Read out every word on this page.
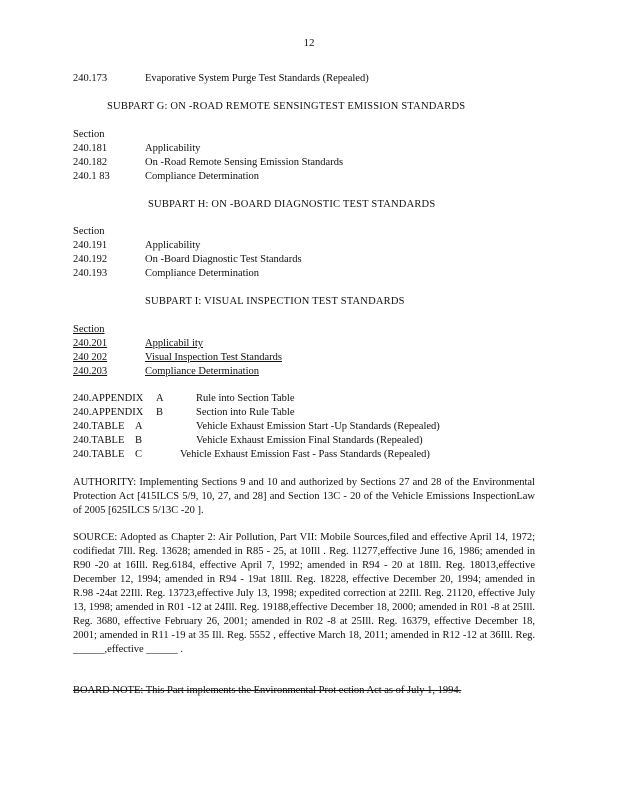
12
240.173	Evaporative System Purge Test Standards (Repealed)
SUBPART G: ON -ROAD REMOTE SENSINGTEST EMISSION STANDARDS
Section
240.181	Applicability
240.182	On -Road Remote Sensing Emission Standards
240.1 83	Compliance Determination
SUBPART H: ON -BOARD DIAGNOSTIC TEST STANDARDS
Section
240.191	Applicability
240.192	On -Board Diagnostic Test Standards
240.193	Compliance Determination
SUBPART I: VISUAL INSPECTION TEST STANDARDS
Section
240.201	Applicabil ity
240 202	Visual Inspection Test Standards
240.203	Compliance Determination
240.APPENDIX A	Rule into Section Table
240.APPENDIX B	Section into Rule Table
240.TABLE A	Vehicle Exhaust Emission Start -Up Standards (Repealed)
240.TABLE B	Vehicle Exhaust Emission Final Standards (Repealed)
240.TABLE C	Vehicle Exhaust Emission Fast - Pass Standards (Repealed)
AUTHORITY: Implementing Sections 9 and 10 and authorized by Sections 27 and 28 of the Environmental Protection Act [415ILCS 5/9, 10, 27, and 28] and Section 13C - 20 of the Vehicle Emissions InspectionLaw of 2005 [625ILCS 5/13C -20 ].
SOURCE: Adopted as Chapter 2: Air Pollution, Part VII: Mobile Sources,filed and effective April 14, 1972; codifiedat 7Ill. Reg. 13628; amended in R85 - 25, at 10Ill . Reg. 11277,effective June 16, 1986; amended in R90 -20 at 16Ill. Reg.6184, effective April 7, 1992; amended in R94 - 20 at 18Ill. Reg. 18013,effective December 12, 1994; amended in R94 - 19at 18Ill. Reg. 18228, effective December 20, 1994; amended in R.98 -24at 22Ill. Reg. 13723,effective July 13, 1998; expedited correction at 22Ill. Reg. 21120, effective July 13, 1998; amended in R01 -12 at 24Ill. Reg. 19188,effective December 18, 2000; amended in R01 -8 at 25Ill. Reg. 3680, effective February 26, 2001; amended in R02 -8 at 25Ill. Reg. 16379, effective December 18, 2001; amended in R11 -19 at 35 Ill. Reg. 5552 , effective March 18, 2011; amended in R12 -12 at 36Ill. Reg. ______,effective ______ .
BOARD NOTE: This Part implements the Environmental Prot ection Act as of July 1, 1994.
